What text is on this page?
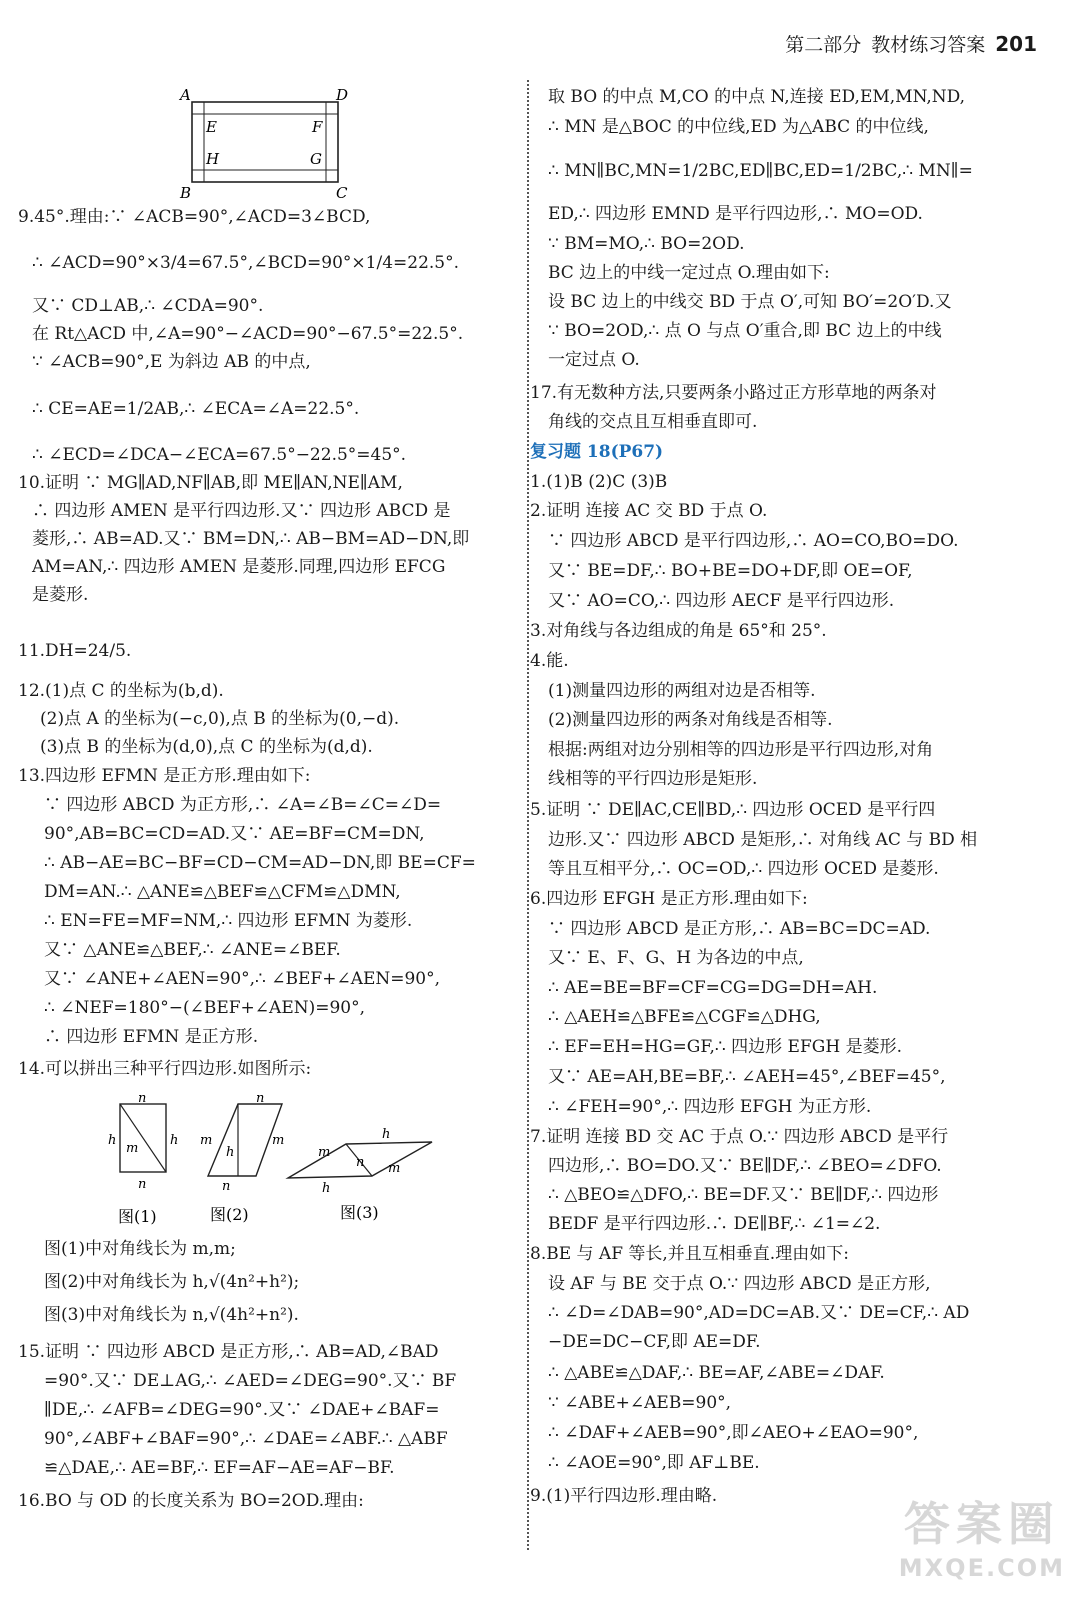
第二部分 教材练习答案 201
A	D
E	F
H	G
B	C
9.45°.理由:∵ ∠ACB=90°,∠ACD=3∠BCD,
∴ ∠ACD=90°×3/4=67.5°,∠BCD=90°×1/4=22.5°.
又∵ CD⊥AB,∴ ∠CDA=90°.
在 Rt△ACD 中,∠A=90°−∠ACD=90°−67.5°=22.5°.
∵ ∠ACB=90°,E 为斜边 AB 的中点,
∴ CE=AE=1/2AB,∴ ∠ECA=∠A=22.5°.
∴ ∠ECD=∠DCA−∠ECA=67.5°−22.5°=45°.
10.证明 ∵ MG∥AD,NF∥AB,即 ME∥AN,NE∥AM,
∴ 四边形 AMEN 是平行四边形.又∵ 四边形 ABCD 是
菱形,∴ AB=AD.又∵ BM=DN,∴ AB−BM=AD−DN,即
AM=AN,∴ 四边形 AMEN 是菱形.同理,四边形 EFCG
是菱形.
11.DH=24/5.
12.(1)点 C 的坐标为(b,d).
(2)点 A 的坐标为(−c,0),点 B 的坐标为(0,−d).
(3)点 B 的坐标为(d,0),点 C 的坐标为(d,d).
13.四边形 EFMN 是正方形.理由如下:
∵ 四边形 ABCD 为正方形,∴ ∠A=∠B=∠C=∠D=
90°,AB=BC=CD=AD.又∵ AE=BF=CM=DN,
∴ AB−AE=BC−BF=CD−CM=AD−DN,即 BE=CF=
DM=AN.∴ △ANE≌△BEF≌△CFM≌△DMN,
∴ EN=FE=MF=NM,∴ 四边形 EFMN 为菱形.
又∵ △ANE≌△BEF,∴ ∠ANE=∠BEF.
又∵ ∠ANE+∠AEN=90°,∴ ∠BEF+∠AEN=90°,
∴ ∠NEF=180°−(∠BEF+∠AEN)=90°,
∴ 四边形 EFMN 是正方形.
14.可以拼出三种平行四边形.如图所示:
图(1)中对角线长为 m,m;
图(2)中对角线长为 h,√(4n²+h²);
图(3)中对角线长为 n,√(4h²+n²).
15.证明 ∵ 四边形 ABCD 是正方形,∴ AB=AD,∠BAD
=90°.又∵ DE⊥AG,∴ ∠AED=∠DEG=90°.又∵ BF
∥DE,∴ ∠AFB=∠DEG=90°.又∵ ∠DAE+∠BAF=
90°,∠ABF+∠BAF=90°,∴ ∠DAE=∠ABF.∴ △ABF
≌△DAE,∴ AE=BF,∴ EF=AF−AE=AF−BF.
16.BO 与 OD 的长度关系为 BO=2OD.理由:
n
n
h	h
m
n
n
m	m
h
h
h
m
m
n
图(1)	图(2)	图(3)
取 BO 的中点 M,CO 的中点 N,连接 ED,EM,MN,ND,
∴ MN 是△BOC 的中位线,ED 为△ABC 的中位线,
∴ MN∥BC,MN=1/2BC,ED∥BC,ED=1/2BC,∴ MN∥=
ED,∴ 四边形 EMND 是平行四边形,∴ MO=OD.
∵ BM=MO,∴ BO=2OD.
BC 边上的中线一定过点 O.理由如下:
设 BC 边上的中线交 BD 于点 O′,可知 BO′=2O′D.又
∵ BO=2OD,∴ 点 O 与点 O′重合,即 BC 边上的中线
一定过点 O.
17.有无数种方法,只要两条小路过正方形草地的两条对
角线的交点且互相垂直即可.
复习题 18(P67)
1.(1)B (2)C (3)B
2.证明 连接 AC 交 BD 于点 O.
∵ 四边形 ABCD 是平行四边形,∴ AO=CO,BO=DO.
又∵ BE=DF,∴ BO+BE=DO+DF,即 OE=OF,
又∵ AO=CO,∴ 四边形 AECF 是平行四边形.
3.对角线与各边组成的角是 65°和 25°.
4.能.
(1)测量四边形的两组对边是否相等.
(2)测量四边形的两条对角线是否相等.
根据:两组对边分别相等的四边形是平行四边形,对角
线相等的平行四边形是矩形.
5.证明 ∵ DE∥AC,CE∥BD,∴ 四边形 OCED 是平行四
边形.又∵ 四边形 ABCD 是矩形,∴ 对角线 AC 与 BD 相
等且互相平分,∴ OC=OD,∴ 四边形 OCED 是菱形.
6.四边形 EFGH 是正方形.理由如下:
∵ 四边形 ABCD 是正方形,∴ AB=BC=DC=AD.
又∵ E、F、G、H 为各边的中点,
∴ AE=BE=BF=CF=CG=DG=DH=AH.
∴ △AEH≌△BFE≌△CGF≌△DHG,
∴ EF=EH=HG=GF,∴ 四边形 EFGH 是菱形.
又∵ AE=AH,BE=BF,∴ ∠AEH=45°,∠BEF=45°,
∴ ∠FEH=90°,∴ 四边形 EFGH 为正方形.
7.证明 连接 BD 交 AC 于点 O.∵ 四边形 ABCD 是平行
四边形,∴ BO=DO.又∵ BE∥DF,∴ ∠BEO=∠DFO.
∴ △BEO≌△DFO,∴ BE=DF.又∵ BE∥DF,∴ 四边形
BEDF 是平行四边形.∴ DE∥BF,∴ ∠1=∠2.
8.BE 与 AF 等长,并且互相垂直.理由如下:
设 AF 与 BE 交于点 O.∵ 四边形 ABCD 是正方形,
∴ ∠D=∠DAB=90°,AD=DC=AB.又∵ DE=CF,∴ AD
−DE=DC−CF,即 AE=DF.
∴ △ABE≌△DAF,∴ BE=AF,∠ABE=∠DAF.
∵ ∠ABE+∠AEB=90°,
∴ ∠DAF+∠AEB=90°,即∠AEO+∠EAO=90°,
∴ ∠AOE=90°,即 AF⊥BE.
9.(1)平行四边形.理由略.
答案圈
MXQE.COM
